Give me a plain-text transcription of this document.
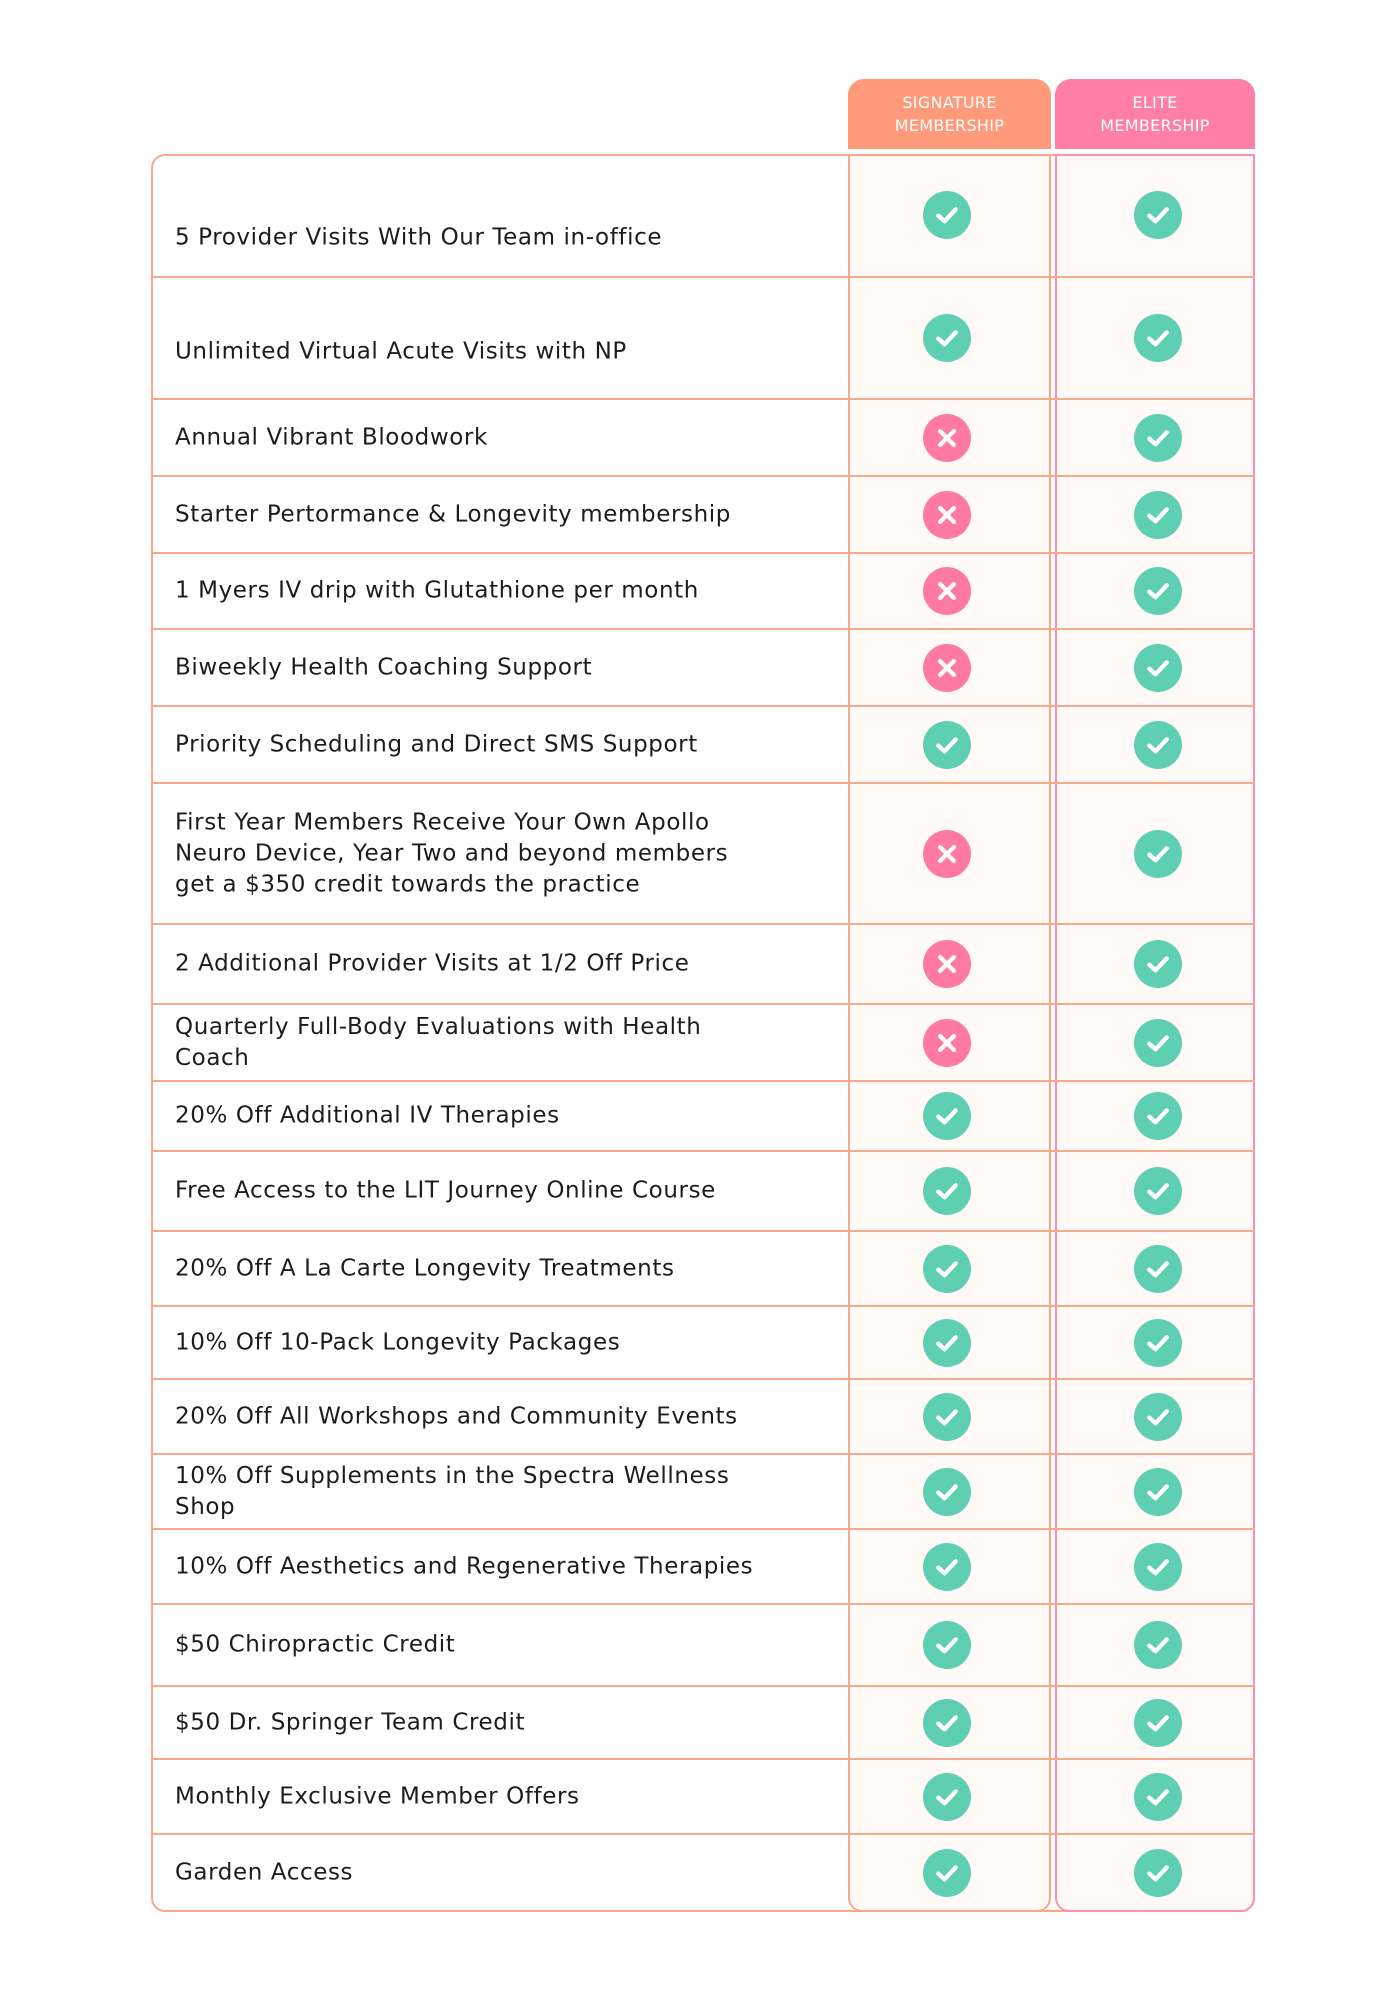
SIGNATURE
MEMBERSHIP
ELITE
MEMBERSHIP
5 Provider Visits With Our Team in-office
Unlimited Virtual Acute Visits with NP
Annual Vibrant Bloodwork
Starter Pertormance & Longevity membership
1 Myers IV drip with Glutathione per month
Biweekly Health Coaching Support
Priority Scheduling and Direct SMS Support
First Year Members Receive Your Own Apollo
Neuro Device, Year Two and beyond members
get a $350 credit towards the practice
2 Additional Provider Visits at 1/2 Off Price
Quarterly Full-Body Evaluations with Health Coach
20% Off Additional IV Therapies
Free Access to the LIT Journey Online Course
20% Off A La Carte Longevity Treatments
10% Off 10-Pack Longevity Packages
20% Off All Workshops and Community Events
10% Off Supplements in the Spectra Wellness Shop
10% Off Aesthetics and Regenerative Therapies
$50 Chiropractic Credit
$50 Dr. Springer Team Credit
Monthly Exclusive Member Offers
Garden Access
